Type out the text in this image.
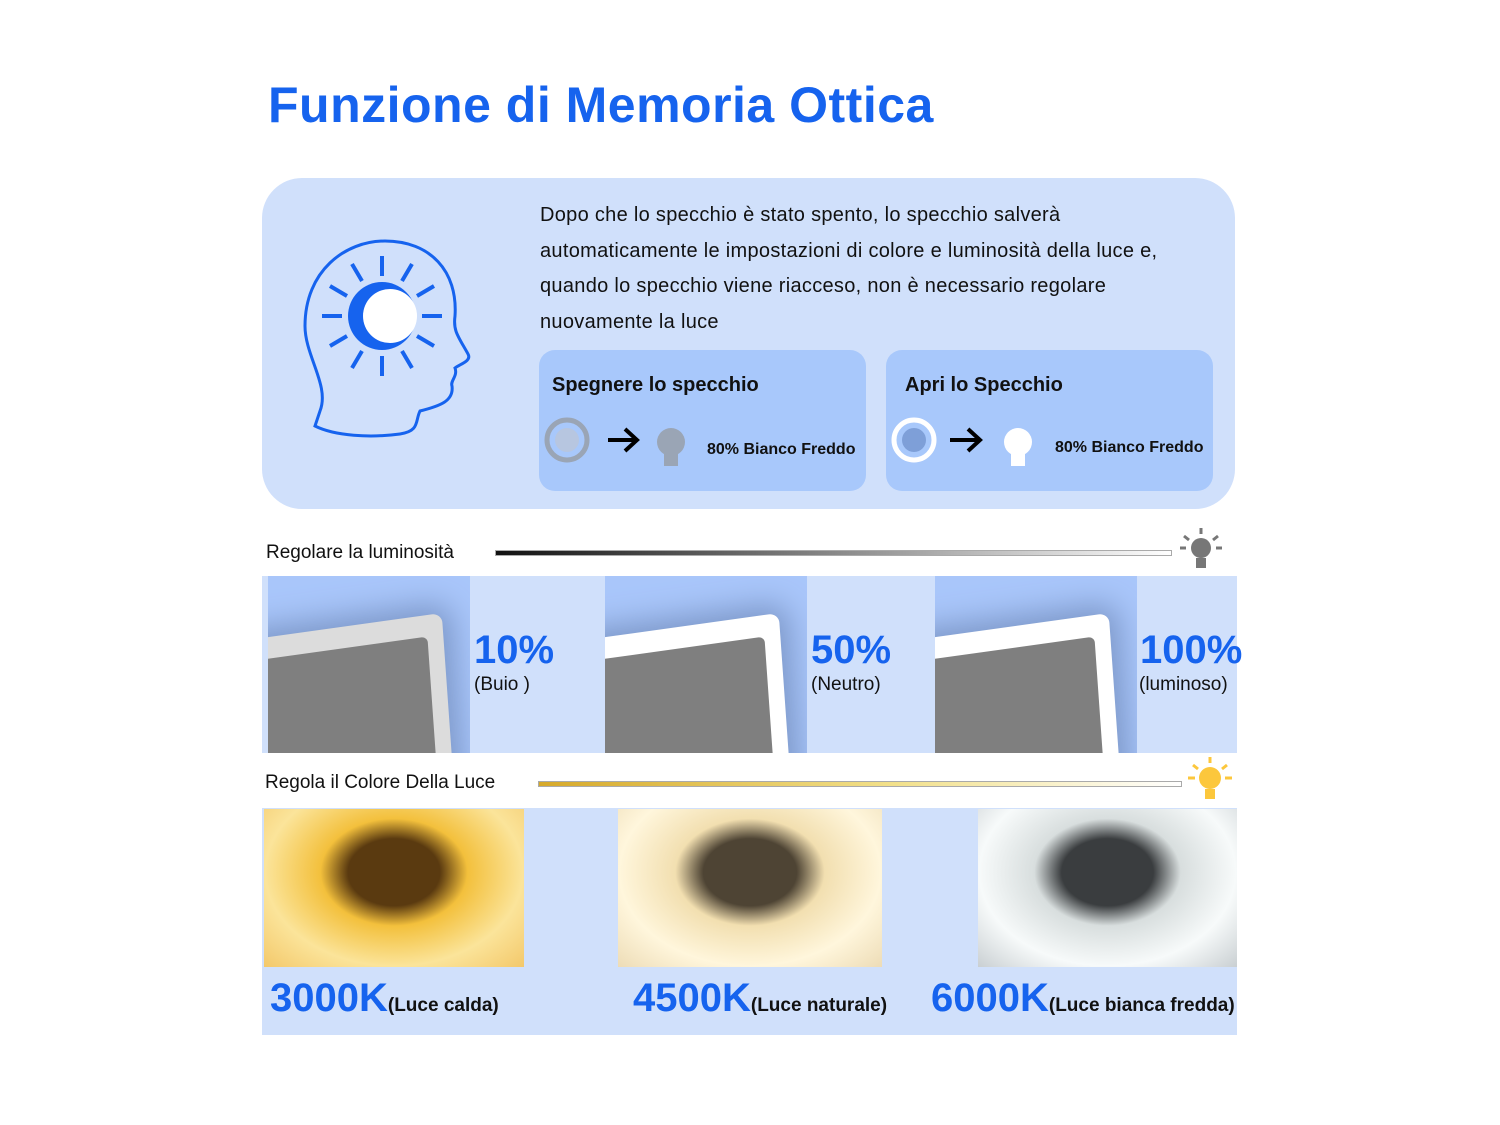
Funzione di Memoria Ottica
Dopo che lo specchio è stato spento, lo specchio salverà automaticamente le impostazioni di colore e luminosità della luce e, quando lo specchio viene riacceso, non è necessario regolare nuovamente la luce
Spegnere lo specchio
80% Bianco Freddo
Apri lo Specchio
80% Bianco Freddo
Regolare la luminosità
10%
(Buio )
50%
(Neutro)
100%
(luminoso)
Regola il Colore Della Luce
3000K(Luce calda)	4500K(Luce naturale) 6000K(Luce bianca fredda)
